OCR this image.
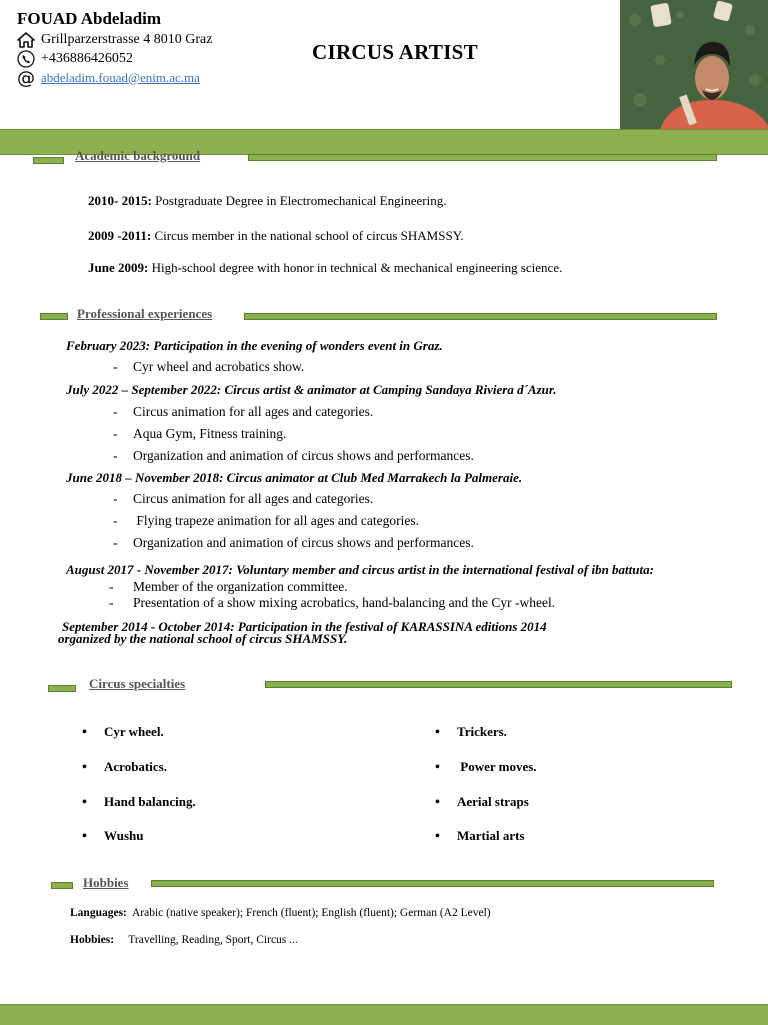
FOUAD Abdeladim
Grillparzerstrasse 4 8010 Graz
+436886426052
@ abdeladim.fouad@enim.ac.ma
CIRCUS ARTIST
Academic background
2010- 2015: Postgraduate Degree in Electromechanical Engineering.
2009 -2011: Circus member in the national school of circus SHAMSSY.
June 2009: High-school degree with honor in technical & mechanical engineering science.
Professional experiences
February 2023: Participation in the evening of wonders event in Graz.
- Cyr wheel and acrobatics show.
July 2022 – September 2022: Circus artist & animator at Camping Sandaya Riviera d´Azur.
- Circus animation for all ages and categories.
- Aqua Gym, Fitness training.
- Organization and animation of circus shows and performances.
June 2018 – November 2018: Circus animator at Club Med Marrakech la Palmeraie.
- Circus animation for all ages and categories.
- Flying trapeze animation for all ages and categories.
- Organization and animation of circus shows and performances.
August 2017 - November 2017: Voluntary member and circus artist in the international festival of ibn battuta:
- Member of the organization committee.
- Presentation of a show mixing acrobatics, hand-balancing and the Cyr -wheel.
September 2014 - October 2014: Participation in the festival of KARASSINA editions 2014
organized by the national school of circus SHAMSSY.
Circus specialties
• Cyr wheel.
• Acrobatics.
• Hand balancing.
• Wushu
• Trickers.
• Power moves.
• Aerial straps
• Martial arts
Hobbies
Languages: Arabic (native speaker); French (fluent); English (fluent); German (A2 Level)
Hobbies: Travelling, Reading, Sport, Circus ...
